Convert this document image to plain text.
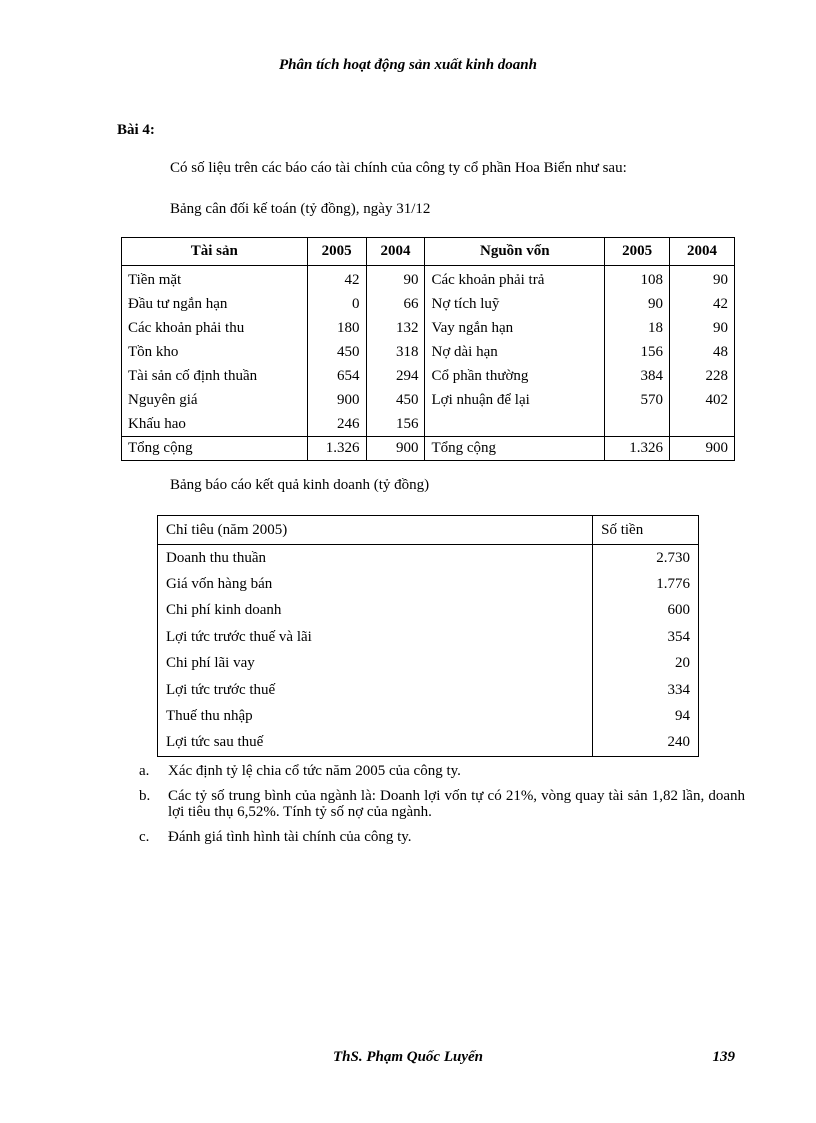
Phân tích hoạt động sản xuất kinh doanh
Bài 4:
Có số liệu trên các báo cáo tài chính của công ty cổ phần Hoa Biển như sau:
Bảng cân đối kế toán (tỷ đồng), ngày 31/12
Tài sản	2005	2004	Nguồn vốn	2005	2004
Tiền mặt	42	90	Các khoản phải trả	108	90
Đầu tư ngắn hạn	0	66	Nợ tích luỹ	90	42
Các khoản phải thu	180	132	Vay ngắn hạn	18	90
Tồn kho	450	318	Nợ dài hạn	156	48
Tài sản cố định thuần	654	294	Cổ phần thường	384	228
Nguyên giá	900	450	Lợi nhuận để lại	570	402
Khấu hao	246	156			
Tổng cộng	1.326	900	Tổng cộng	1.326	900
Bảng báo cáo kết quả kinh doanh (tỷ đồng)
Chỉ tiêu (năm 2005)	Số tiền
Doanh thu thuần	2.730
Giá vốn hàng bán	1.776
Chi phí kinh doanh	600
Lợi tức trước thuế và lãi	354
Chi phí lãi vay	20
Lợi tức trước thuế	334
Thuế thu nhập	94
Lợi tức sau thuế	240
a.	Xác định tỷ lệ chia cổ tức năm 2005 của công ty.
b.	Các tỷ số trung bình của ngành là: Doanh lợi vốn tự có 21%, vòng quay tài sản 1,82 lần, doanh lợi tiêu thụ 6,52%. Tính tỷ số nợ của ngành.
c.	Đánh giá tình hình tài chính của công ty.
ThS. Phạm Quốc Luyến	139
